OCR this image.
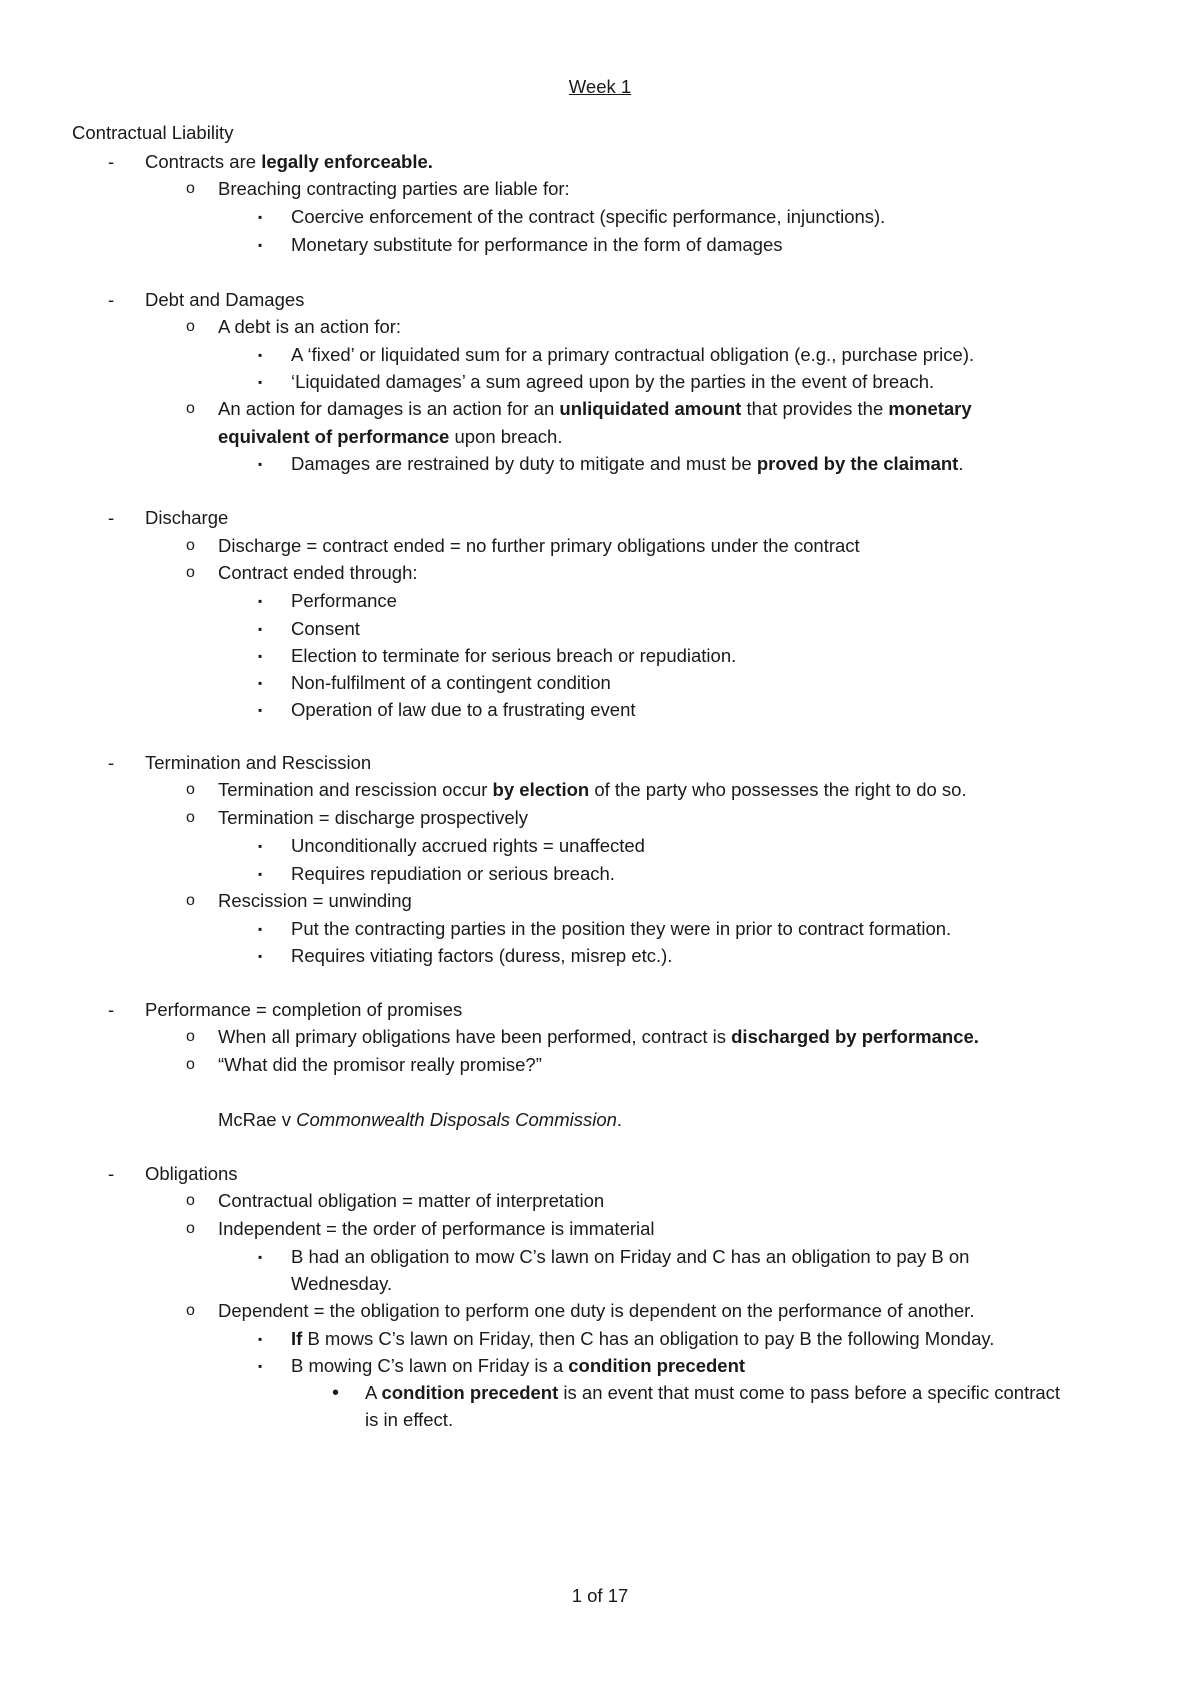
Week 1
Contractual Liability
- Contracts are legally enforceable.
o Breaching contracting parties are liable for:
▪ Coercive enforcement of the contract (specific performance, injunctions).
▪ Monetary substitute for performance in the form of damages
- Debt and Damages
o A debt is an action for:
▪ A ‘fixed’ or liquidated sum for a primary contractual obligation (e.g., purchase price).
▪ ‘Liquidated damages’ a sum agreed upon by the parties in the event of breach.
o An action for damages is an action for an unliquidated amount that provides the monetary
equivalent of performance upon breach.
▪ Damages are restrained by duty to mitigate and must be proved by the claimant.
- Discharge
o Discharge = contract ended = no further primary obligations under the contract
o Contract ended through:
▪ Performance
▪ Consent
▪ Election to terminate for serious breach or repudiation.
▪ Non-fulfilment of a contingent condition
▪ Operation of law due to a frustrating event
- Termination and Rescission
o Termination and rescission occur by election of the party who possesses the right to do so.
o Termination = discharge prospectively
▪ Unconditionally accrued rights = unaffected
▪ Requires repudiation or serious breach.
o Rescission = unwinding
▪ Put the contracting parties in the position they were in prior to contract formation.
▪ Requires vitiating factors (duress, misrep etc.).
- Performance = completion of promises
o When all primary obligations have been performed, contract is discharged by performance.
o “What did the promisor really promise?”
McRae v Commonwealth Disposals Commission.
- Obligations
o Contractual obligation = matter of interpretation
o Independent = the order of performance is immaterial
▪ B had an obligation to mow C’s lawn on Friday and C has an obligation to pay B on
Wednesday.
o Dependent = the obligation to perform one duty is dependent on the performance of another.
▪ If B mows C’s lawn on Friday, then C has an obligation to pay B the following Monday.
▪ B mowing C’s lawn on Friday is a condition precedent
• A condition precedent is an event that must come to pass before a specific contract
is in effect.
1 of 17
